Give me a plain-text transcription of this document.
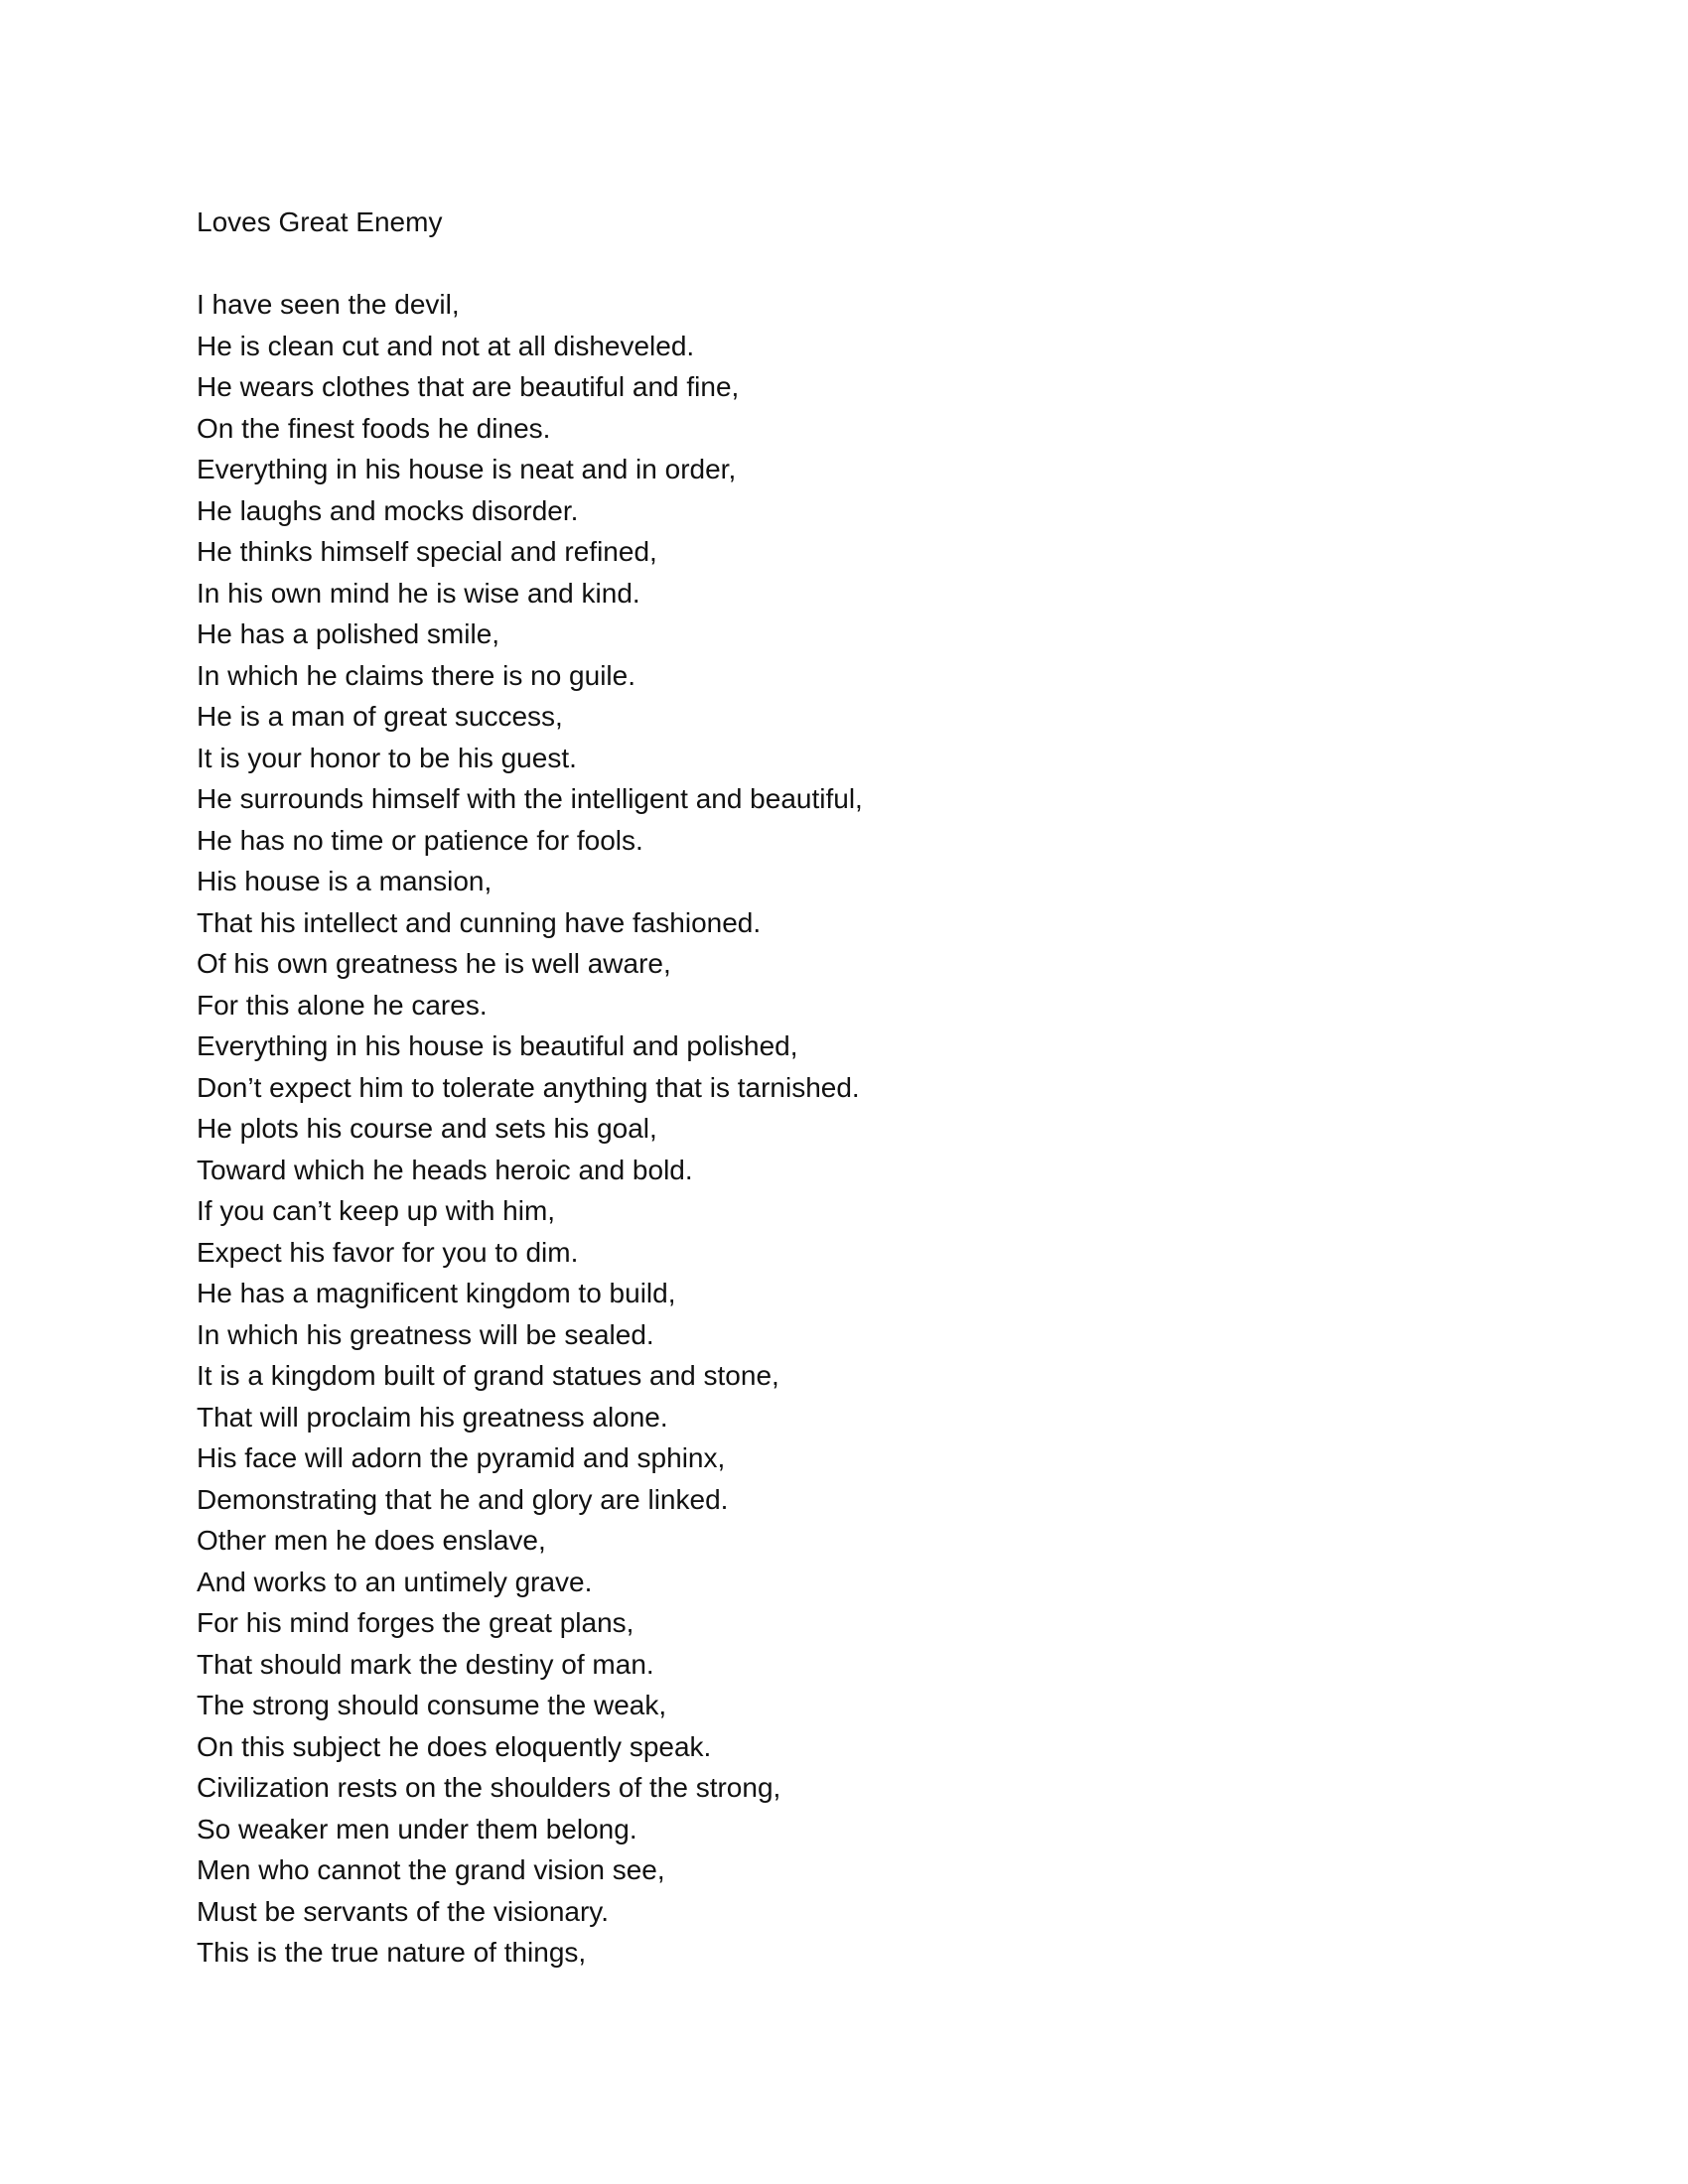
Loves Great Enemy
I have seen the devil,
He is clean cut and not at all disheveled.
He wears clothes that are beautiful and fine,
On the finest foods he dines.
Everything in his house is neat and in order,
He laughs and mocks disorder.
He thinks himself special and refined,
In his own mind he is wise and kind.
He has a polished smile,
In which he claims there is no guile.
He is a man of great success,
It is your honor to be his guest.
He surrounds himself with the intelligent and beautiful,
He has no time or patience for fools.
His house is a mansion,
That his intellect and cunning have fashioned.
Of his own greatness he is well aware,
For this alone he cares.
Everything in his house is beautiful and polished,
Don’t expect him to tolerate anything that is tarnished.
He plots his course and sets his goal,
Toward which he heads heroic and bold.
If you can’t keep up with him,
Expect his favor for you to dim.
He has a magnificent kingdom to build,
In which his greatness will be sealed.
It is a kingdom built of grand statues and stone,
That will proclaim his greatness alone.
His face will adorn the pyramid and sphinx,
Demonstrating that he and glory are linked.
Other men he does enslave,
And works to an untimely grave.
For his mind forges the great plans,
That should mark the destiny of man.
The strong should consume the weak,
On this subject he does eloquently speak.
Civilization rests on the shoulders of the strong,
So weaker men under them belong.
Men who cannot the grand vision see,
Must be servants of the visionary.
This is the true nature of things,
